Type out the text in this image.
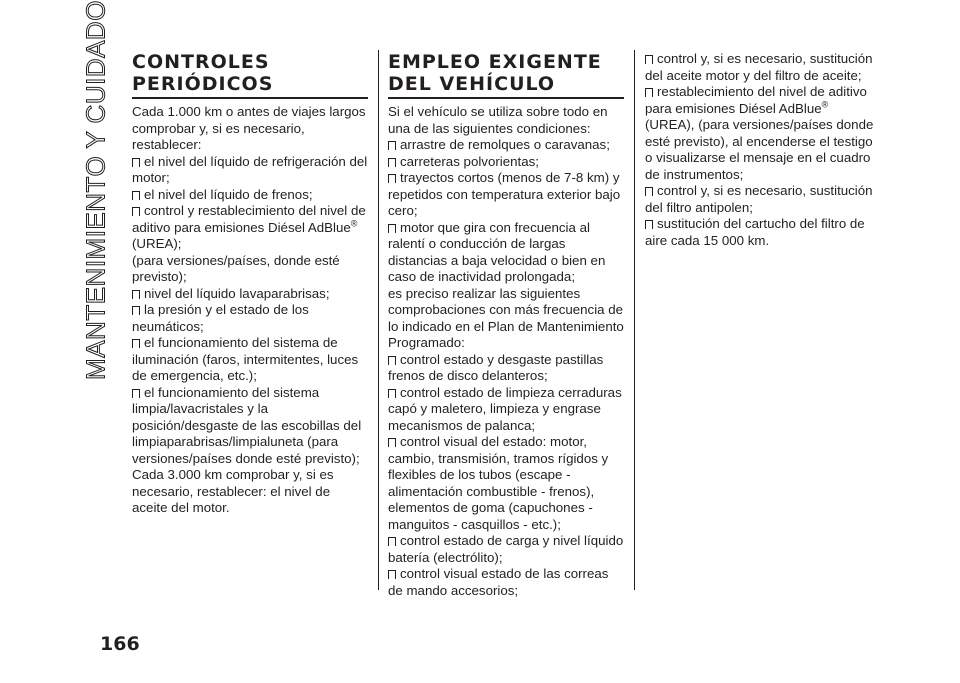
MANTENIMIENTO Y CUIDADO CONTROLES
PERIÓDICOS

Cada 1.000 km o antes de viajes largos comprobar y, si es necesario, restablecer:

el nivel del líquido de refrigeración del motor;

el nivel del líquido de frenos;

control y restablecimiento del nivel de aditivo para emisiones Diésel AdBlue®

(UREA);

(para versiones/países, donde esté previsto);

nivel del líquido lavaparabrisas;

la presión y el estado de los neumáticos;

el funcionamiento del sistema de iluminación (faros, intermitentes, luces de emergencia, etc.);

el funcionamiento del sistema limpia/lavacristales y la posición/desgaste de las escobillas del limpiaparabrisas/limpialuneta (para versiones/países donde esté previsto);

Cada 3.000 km comprobar y, si es necesario, restablecer: el nivel de aceite del motor.

EMPLEO EXIGENTE
DEL VEHÍCULO

Si el vehículo se utiliza sobre todo en una de las siguientes condiciones:

arrastre de remolques o caravanas;

carreteras polvorientas;

trayectos cortos (menos de 7-8 km) y repetidos con temperatura exterior bajo cero;

motor que gira con frecuencia al ralentí o conducción de largas distancias a baja velocidad o bien en caso de inactividad prolongada;

es preciso realizar las siguientes comprobaciones con más frecuencia de lo indicado en el Plan de Mantenimiento Programado:

control estado y desgaste pastillas frenos de disco delanteros;

control estado de limpieza cerraduras capó y maletero, limpieza y engrase mecanismos de palanca;

control visual del estado: motor, cambio, transmisión, tramos rígidos y flexibles de los tubos (escape - alimentación combustible - frenos), elementos de goma (capuchones - manguitos - casquillos - etc.);

control estado de carga y nivel líquido batería (electrólito);

control visual estado de las correas de mando accesorios;

control y, si es necesario, sustitución del aceite motor y del filtro de aceite;

restablecimiento del nivel de aditivo para emisiones Diésel AdBlue®

(UREA), (para versiones/países donde esté previsto), al encenderse el testigo o visualizarse el mensaje en el cuadro de instrumentos;

control y, si es necesario, sustitución del filtro antipolen;

sustitución del cartucho del filtro de aire cada 15 000 km.

166
